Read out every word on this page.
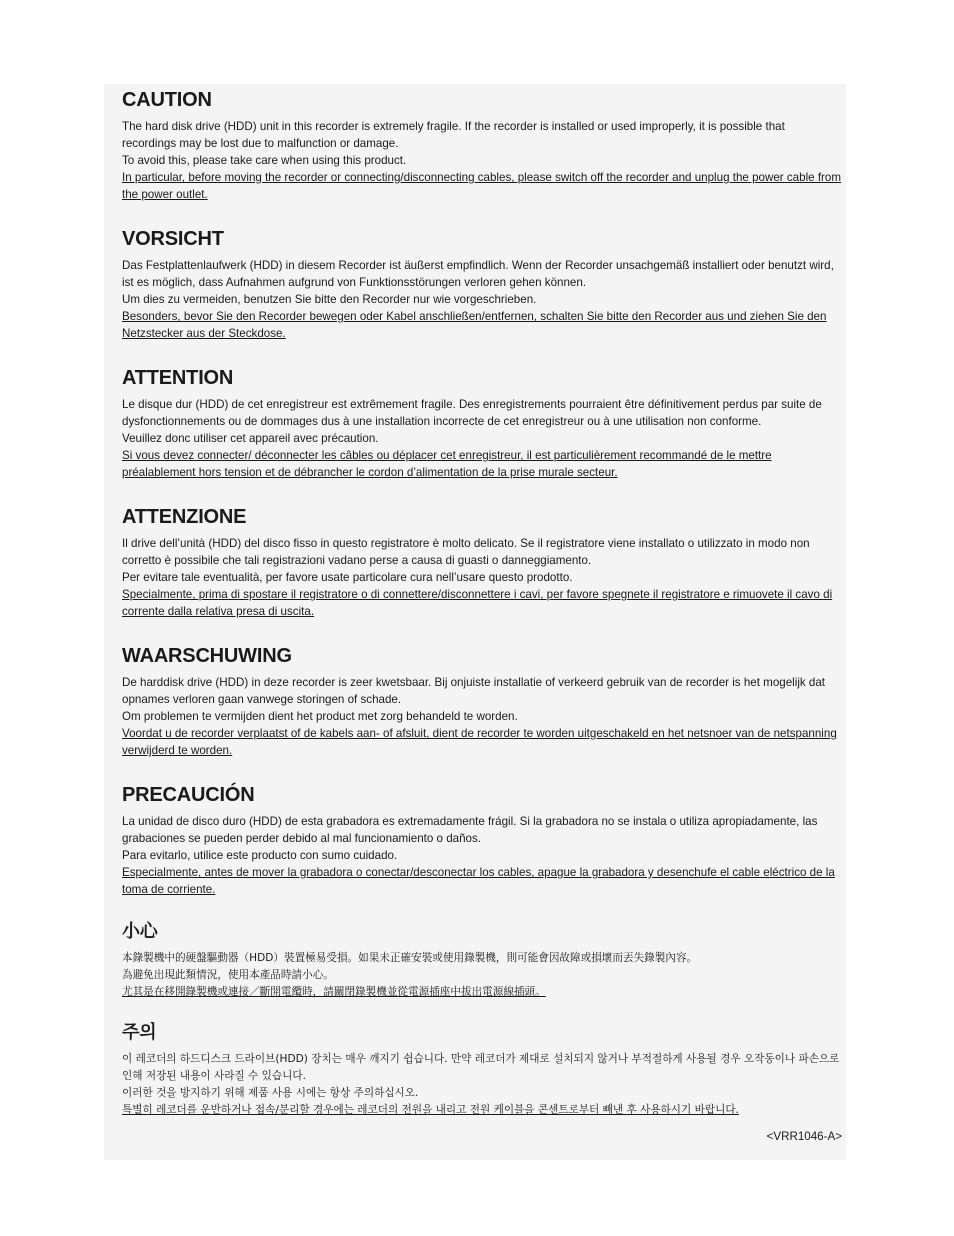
CAUTION

The hard disk drive (HDD) unit in this recorder is extremely fragile. If the recorder is installed or used improperly, it is possible that recordings may be lost due to malfunction or damage.

To avoid this, please take care when using this product.

In particular, before moving the recorder or connecting/disconnecting cables, please switch off the recorder and unplug the power cable from the power outlet.

VORSICHT

Das Festplattenlaufwerk (HDD) in diesem Recorder ist äußerst empfindlich. Wenn der Recorder unsachgemäß installiert oder benutzt wird, ist es möglich, dass Aufnahmen aufgrund von Funktionsstörungen verloren gehen können.

Um dies zu vermeiden, benutzen Sie bitte den Recorder nur wie vorgeschrieben.

Besonders, bevor Sie den Recorder bewegen oder Kabel anschließen/entfernen, schalten Sie bitte den Recorder aus und ziehen Sie den Netzstecker aus der Steckdose.

ATTENTION

Le disque dur (HDD) de cet enregistreur est extrêmement fragile. Des enregistrements pourraient être définitivement perdus par suite de dysfonctionnements ou de dommages dus à une installation incorrecte de cet enregistreur ou à une utilisation non conforme.

Veuillez donc utiliser cet appareil avec précaution.

Si vous devez connecter/ déconnecter les câbles ou déplacer cet enregistreur, il est particulièrement recommandé de le mettre préalablement hors tension et de débrancher le cordon d’alimentation de la prise murale secteur.

ATTENZIONE

Il drive dell’unità (HDD) del disco fisso in questo registratore è molto delicato. Se il registratore viene installato o utilizzato in modo non corretto è possibile che tali registrazioni vadano perse a causa di guasti o danneggiamento.

Per evitare tale eventualità, per favore usate particolare cura nell’usare questo prodotto.

Specialmente, prima di spostare il registratore o di connettere/disconnettere i cavi, per favore spegnete il registratore e rimuovete il cavo di corrente dalla relativa presa di uscita.

WAARSCHUWING

De harddisk drive (HDD) in deze recorder is zeer kwetsbaar. Bij onjuiste installatie of verkeerd gebruik van de recorder is het mogelijk dat opnames verloren gaan vanwege storingen of schade.

Om problemen te vermijden dient het product met zorg behandeld te worden.

Voordat u de recorder verplaatst of de kabels aan- of afsluit, dient de recorder te worden uitgeschakeld en het netsnoer van de netspanning verwijderd te worden.

PRECAUCIÓN

La unidad de disco duro (HDD) de esta grabadora es extremadamente frágil. Si la grabadora no se instala o utiliza apropiadamente, las grabaciones se pueden perder debido al mal funcionamiento o daños.

Para evitarlo, utilice este producto con sumo cuidado.

Especialmente, antes de mover la grabadora o conectar/desconectar los cables, apague la grabadora y desenchufe el cable eléctrico de la toma de corriente.

小心

本錄製機中的硬盤驅動器（HDD）裝置極易受損。如果未正確安裝或使用錄製機，則可能會因故障或損壞而丟失錄製內容。

為避免出現此類情況，使用本產品時請小心。

尤其是在移開錄製機或連接／斷開電纜時，請關閉錄製機並從電源插座中拔出電源線插頭。

주의

이 레코더의 하드디스크 드라이브(HDD) 장치는 매우 깨지기 쉽습니다. 만약 레코더가 제대로 설치되지 않거나 부적절하게 사용될 경우 오작동이나 파손으로 인해 저장된 내용이 사라질 수 있습니다.

이러한 것을 방지하기 위해 제품 사용 시에는 항상 주의하십시오.

특별히 레코더를 운반하거나 접속/분리할 경우에는 레코더의 전원을 내리고 전원 케이블을 콘센트로부터 빼낸 후 사용하시기 바랍니다.

<VRR1046-A>
